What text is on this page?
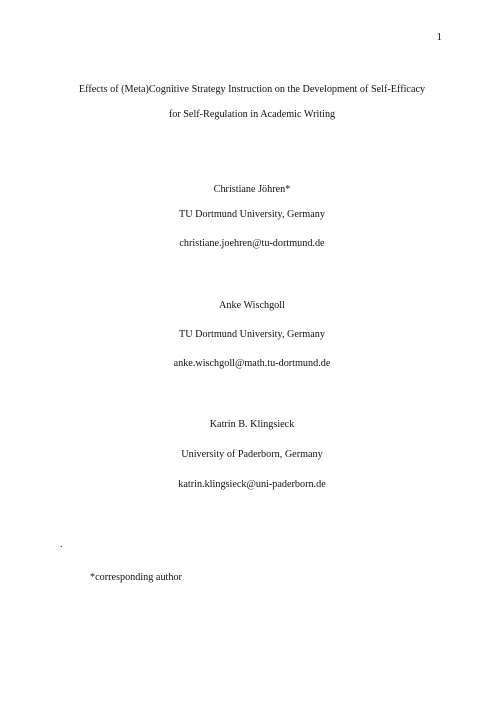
1
Effects of (Meta)Cognitive Strategy Instruction on the Development of Self-Efficacy
for Self-Regulation in Academic Writing
Christiane Jöhren*
TU Dortmund University, Germany
christiane.joehren@tu-dortmund.de
Anke Wischgoll
TU Dortmund University, Germany
anke.wischgoll@math.tu-dortmund.de
Katrin B. Klingsieck
University of Paderborn, Germany
katrin.klingsieck@uni-paderborn.de
.
*corresponding author
